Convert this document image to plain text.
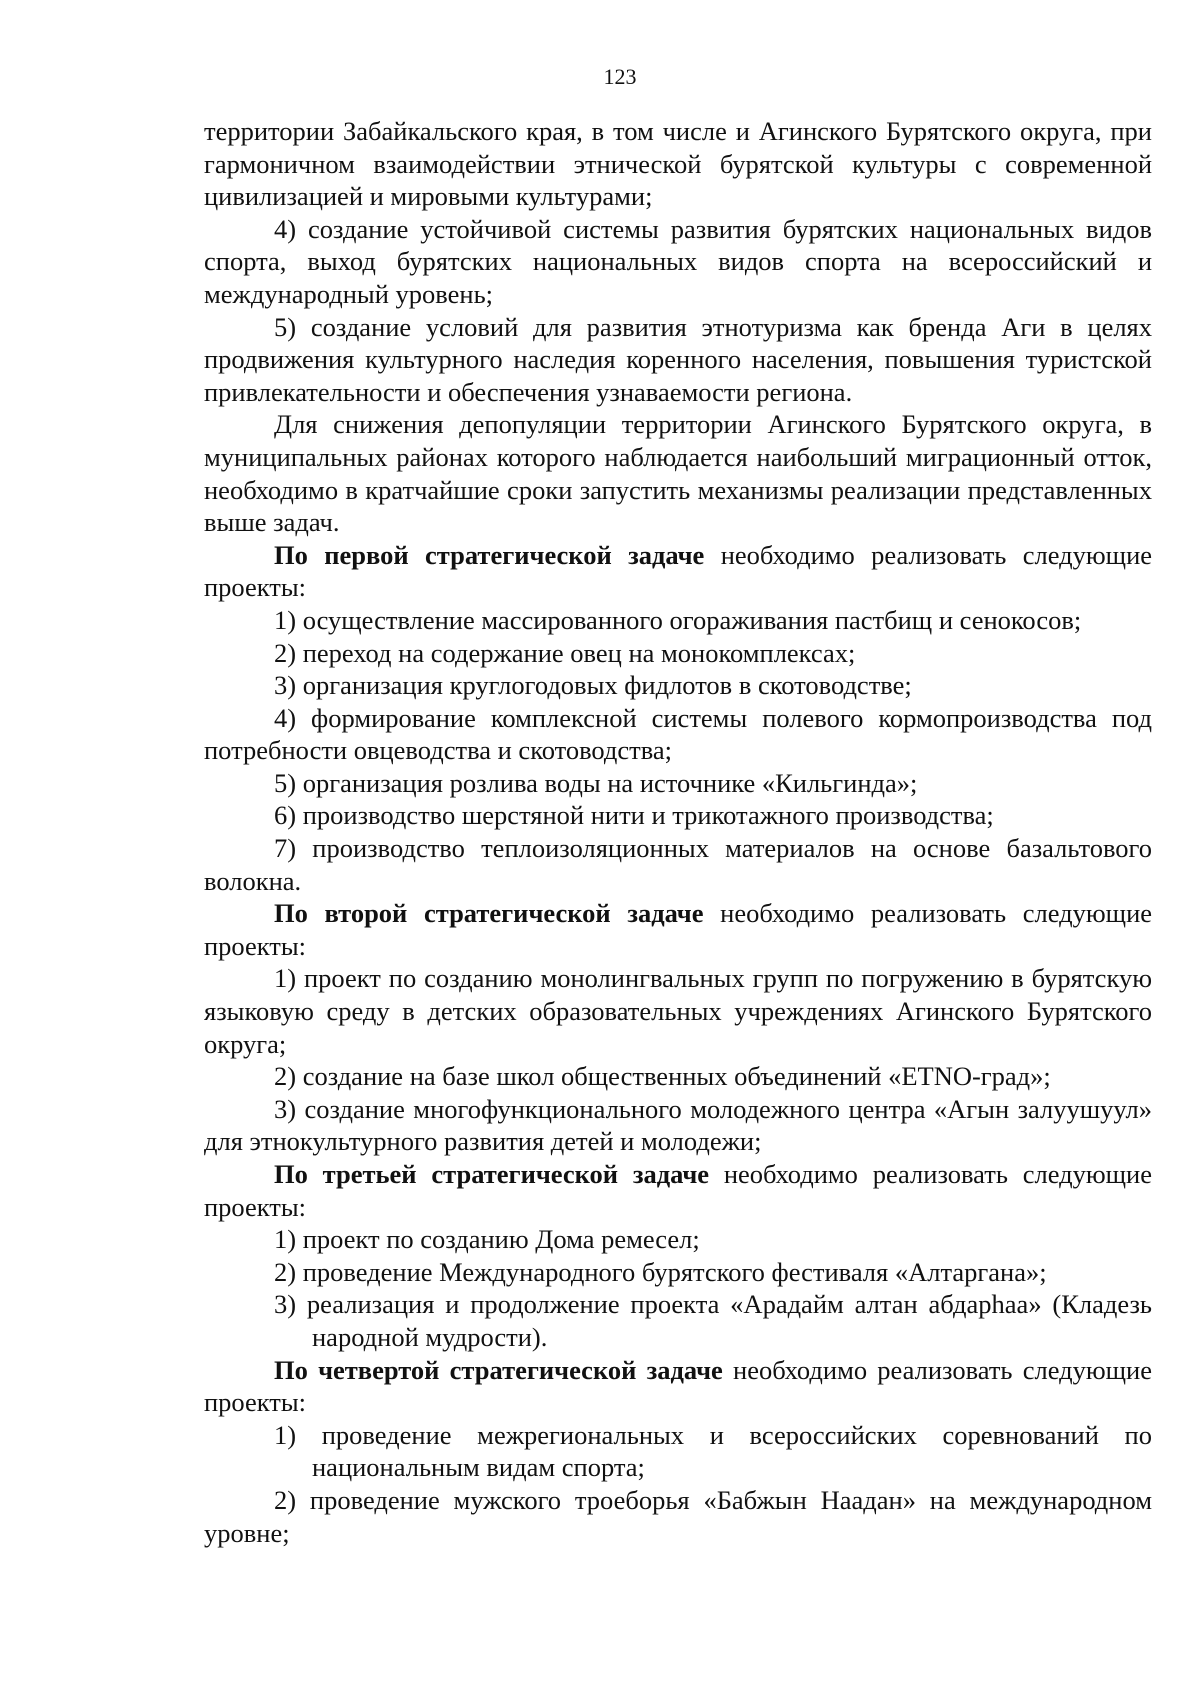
123

территории Забайкальского края, в том числе и Агинского Бурятского округа, при гармоничном взаимодействии этнической бурятской культуры с современной цивилизацией и мировыми культурами;

4) создание устойчивой системы развития бурятских национальных видов спорта, выход бурятских национальных видов спорта на всероссийский и международный уровень;

5) создание условий для развития этнотуризма как бренда Аги в целях продвижения культурного наследия коренного населения, повышения туристской привлекательности и обеспечения узнаваемости региона.

Для снижения депопуляции территории Агинского Бурятского округа, в муниципальных районах которого наблюдается наибольший миграционный отток, необходимо в кратчайшие сроки запустить механизмы реализации представленных выше задач.

По первой стратегической задаче необходимо реализовать следующие проекты:

1) осуществление массированного огораживания пастбищ и сенокосов;

2) переход на содержание овец на монокомплексах;

3) организация круглогодовых фидлотов в скотоводстве;

4) формирование комплексной системы полевого кормопроизводства под потребности овцеводства и скотоводства;

5) организация розлива воды на источнике «Кильгинда»;

6) производство шерстяной нити и трикотажного производства;

7) производство теплоизоляционных материалов на основе базальтового волокна.

По второй стратегической задаче необходимо реализовать следующие проекты:

1) проект по созданию монолингвальных групп по погружению в бурятскую языковую среду в детских образовательных учреждениях Агинского Бурятского округа;

2) создание на базе школ общественных объединений «ETNO-град»;

3) создание многофункционального молодежного центра «Агын залуушуул» для этнокультурного развития детей и молодежи;

По третьей стратегической задаче необходимо реализовать следующие проекты:

1) проект по созданию Дома ремесел;

2) проведение Международного бурятского фестиваля «Алтаргана»;

3) реализация и продолжение проекта «Арадайм алтан абдарhaa» (Кладезь народной мудрости).

По четвертой стратегической задаче необходимо реализовать следующие проекты:

1) проведение межрегиональных и всероссийских соревнований по национальным видам спорта;

2) проведение мужского троеборья «Бабжын Наадан» на международном уровне;
